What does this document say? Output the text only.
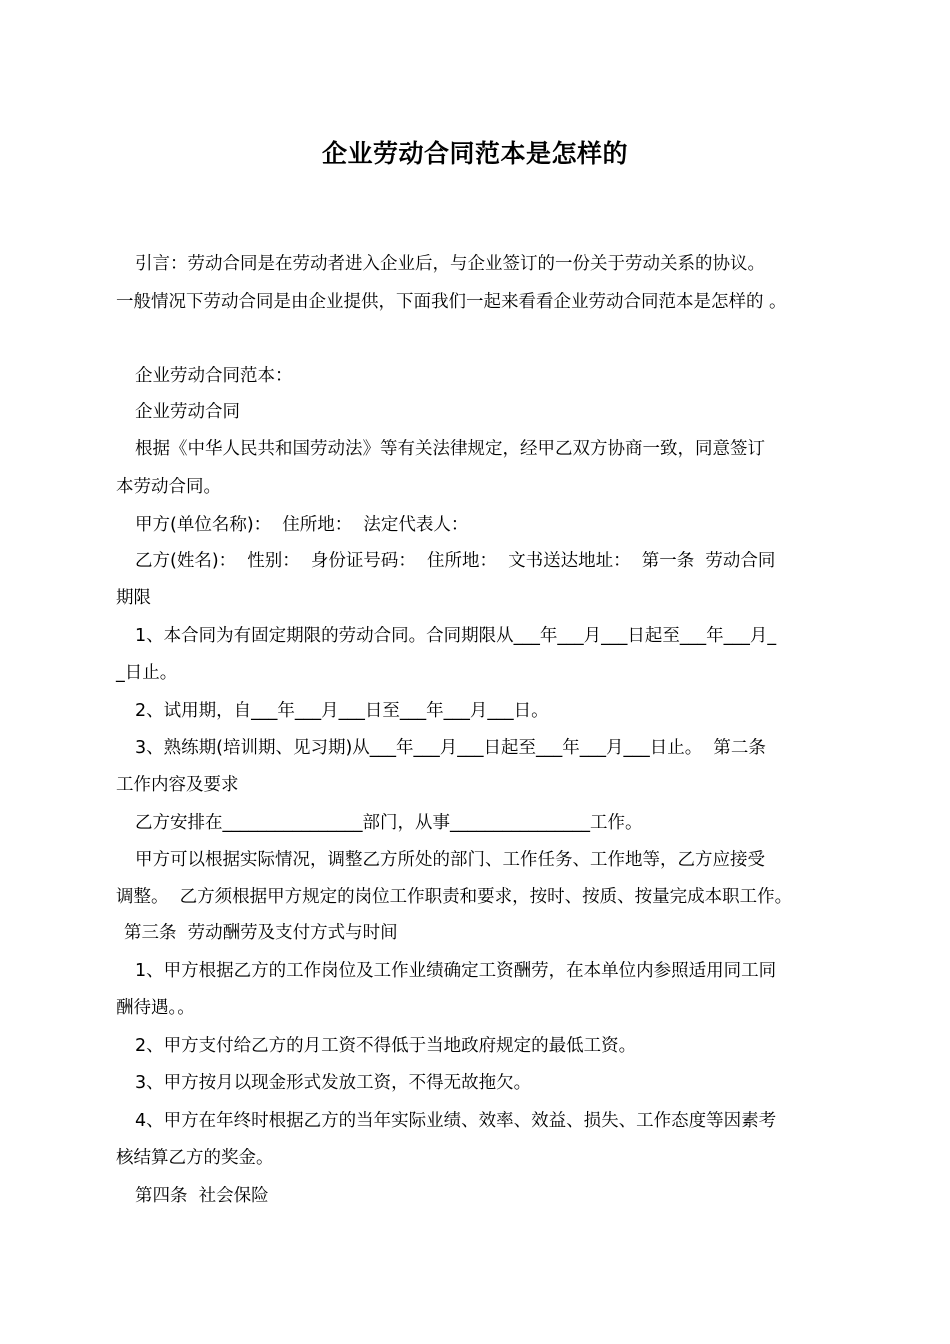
企业劳动合同范本是怎样的
引言：劳动合同是在劳动者进入企业后，与企业签订的一份关于劳动关系的协议。
一般情况下劳动合同是由企业提供，下面我们一起来看看企业劳动合同范本是怎样的 。
企业劳动合同范本：
企业劳动合同
根据《中华人民共和国劳动法》等有关法律规定，经甲乙双方协商一致，同意签订
本劳动合同。
甲方(单位名称)：  住所地：  法定代表人：
乙方(姓名)：  性别：  身份证号码：  住所地：  文书送达地址：  第一条  劳动合同
期限
1、本合同为有固定期限的劳动合同。合同期限从___年___月___日起至___年___月_
_日止。
2、试用期，自___年___月___日至___年___月___日。
3、熟练期(培训期、见习期)从___年___月___日起至___年___月___日止。  第二条
工作内容及要求
乙方安排在________________部门，从事________________工作。
甲方可以根据实际情况，调整乙方所处的部门、工作任务、工作地等，乙方应接受
调整。  乙方须根据甲方规定的岗位工作职责和要求，按时、按质、按量完成本职工作。
第三条  劳动酬劳及支付方式与时间
1、甲方根据乙方的工作岗位及工作业绩确定工资酬劳，在本单位内参照适用同工同
酬待遇。。
2、甲方支付给乙方的月工资不得低于当地政府规定的最低工资。
3、甲方按月以现金形式发放工资，不得无故拖欠。
4、甲方在年终时根据乙方的当年实际业绩、效率、效益、损失、工作态度等因素考
核结算乙方的奖金。
第四条  社会保险
